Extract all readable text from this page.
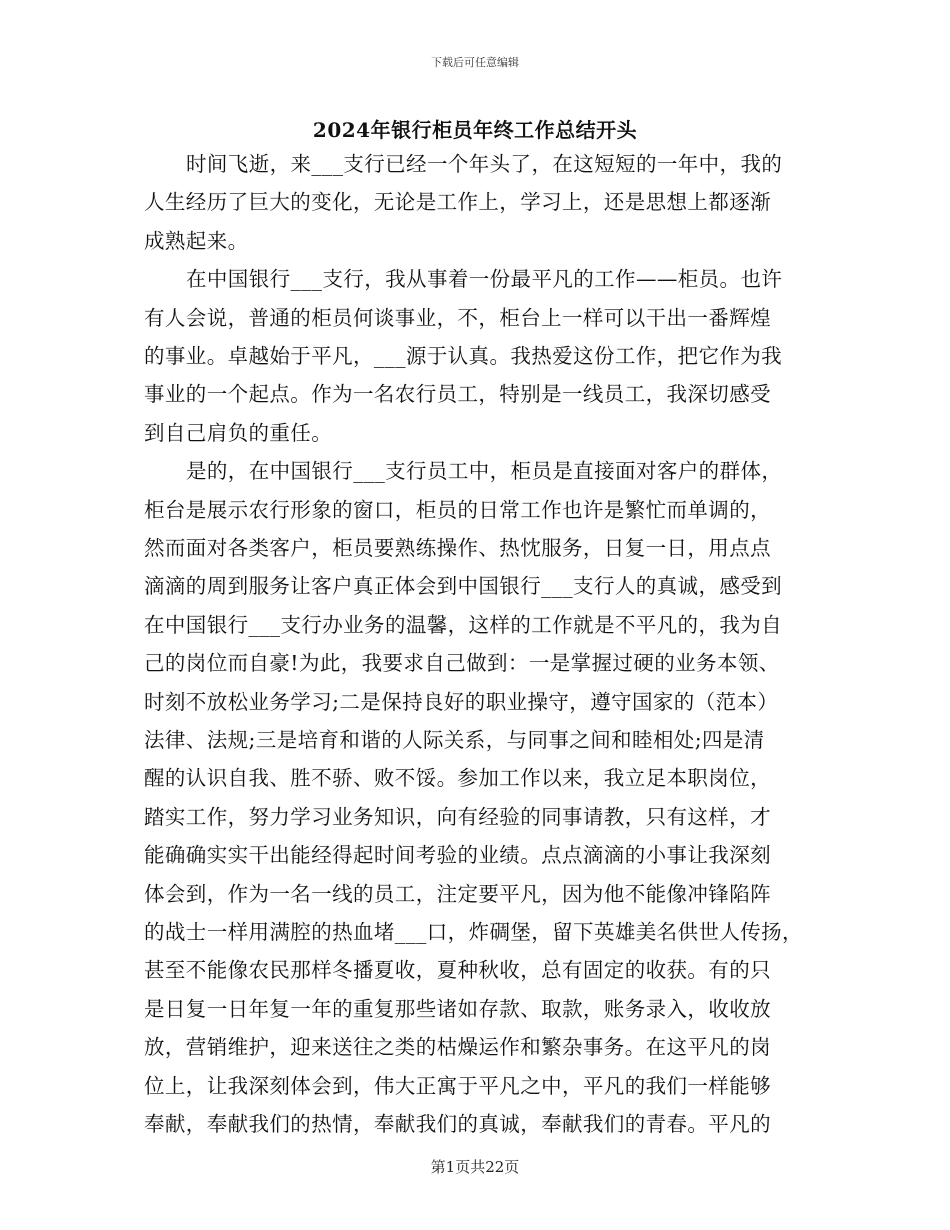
下载后可任意编辑
2024年银行柜员年终工作总结开头
时间飞逝，来___支行已经一个年头了，在这短短的一年中，我的
人生经历了巨大的变化，无论是工作上，学习上，还是思想上都逐渐
成熟起来。
在中国银行___支行，我从事着一份最平凡的工作——柜员。也许
有人会说，普通的柜员何谈事业，不，柜台上一样可以干出一番辉煌
的事业。卓越始于平凡，___源于认真。我热爱这份工作，把它作为我
事业的一个起点。作为一名农行员工，特别是一线员工，我深切感受
到自己肩负的重任。
是的，在中国银行___支行员工中，柜员是直接面对客户的群体，
柜台是展示农行形象的窗口，柜员的日常工作也许是繁忙而单调的，
然而面对各类客户，柜员要熟练操作、热忱服务，日复一日，用点点
滴滴的周到服务让客户真正体会到中国银行___支行人的真诚，感受到
在中国银行___支行办业务的温馨，这样的工作就是不平凡的，我为自
己的岗位而自豪!为此，我要求自己做到：一是掌握过硬的业务本领、
时刻不放松业务学习;二是保持良好的职业操守，遵守国家的（范本）
法律、法规;三是培育和谐的人际关系，与同事之间和睦相处;四是清
醒的认识自我、胜不骄、败不馁。参加工作以来，我立足本职岗位，
踏实工作，努力学习业务知识，向有经验的同事请教，只有这样，才
能确确实实干出能经得起时间考验的业绩。点点滴滴的小事让我深刻
体会到，作为一名一线的员工，注定要平凡，因为他不能像冲锋陷阵
的战士一样用满腔的热血堵___口，炸碉堡，留下英雄美名供世人传扬，
甚至不能像农民那样冬播夏收，夏种秋收，总有固定的收获。有的只
是日复一日年复一年的重复那些诸如存款、取款，账务录入，收收放
放，营销维护，迎来送往之类的枯燥运作和繁杂事务。在这平凡的岗
位上，让我深刻体会到，伟大正寓于平凡之中，平凡的我们一样能够
奉献，奉献我们的热情，奉献我们的真诚，奉献我们的青春。平凡的
第1页共22页
